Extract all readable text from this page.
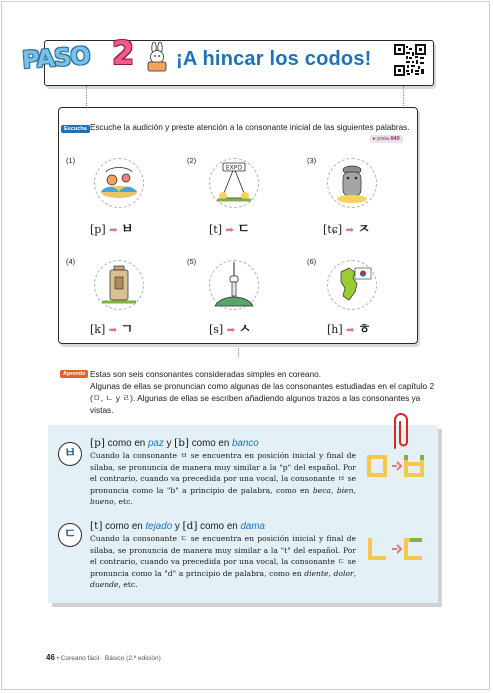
PASO 2 ¡A hincar los codos!
Escucha Escuche la audición y preste atención a la consonante inicial de las siguientes palabras.
▸ pista 040
(1)
[p] ➡ ㅂ
(2)
EXPO
[t] ➡ ㄷ
(3)
[tɕ] ➡ ㅈ
(4)
[k] ➡ ㄱ
(5)
[s] ➡ ㅅ
(6)
[h] ➡ ㅎ
Aprende Estas son seis consonantes consideradas simples en coreano.
Algunas de ellas se pronuncian como algunas de las consonantes estudiadas en el capítulo 2 (ㅁ, ㄴ y ㄹ). Algunas de ellas se escriben añadiendo algunos trazos a las consonantes ya vistas.
ㅂ
[p] como en paz y [b] como en banco
Cuando la consonante ㅂ se encuentra en posición inicial y final de sílaba, se pronuncia de manera muy similar a la "p" del español. Por el contrario, cuando va precedida por una vocal, la consonante ㅂ se pronuncia como la "b" a principio de palabra, como en beca, bien, bueno, etc.
ㄷ
[t] como en tejado y [d] como en dama
Cuando la consonante ㄷ se encuentra en posición inicial y final de sílaba, se pronuncia de manera muy similar a la "t" del español. Por el contrario, cuando va precedida por una vocal, la consonante ㄷ se pronuncia como la "d" a principio de palabra, como en diente, dolor, duende, etc.
46 • Coreano fácil · Básico (2.ª edición)
